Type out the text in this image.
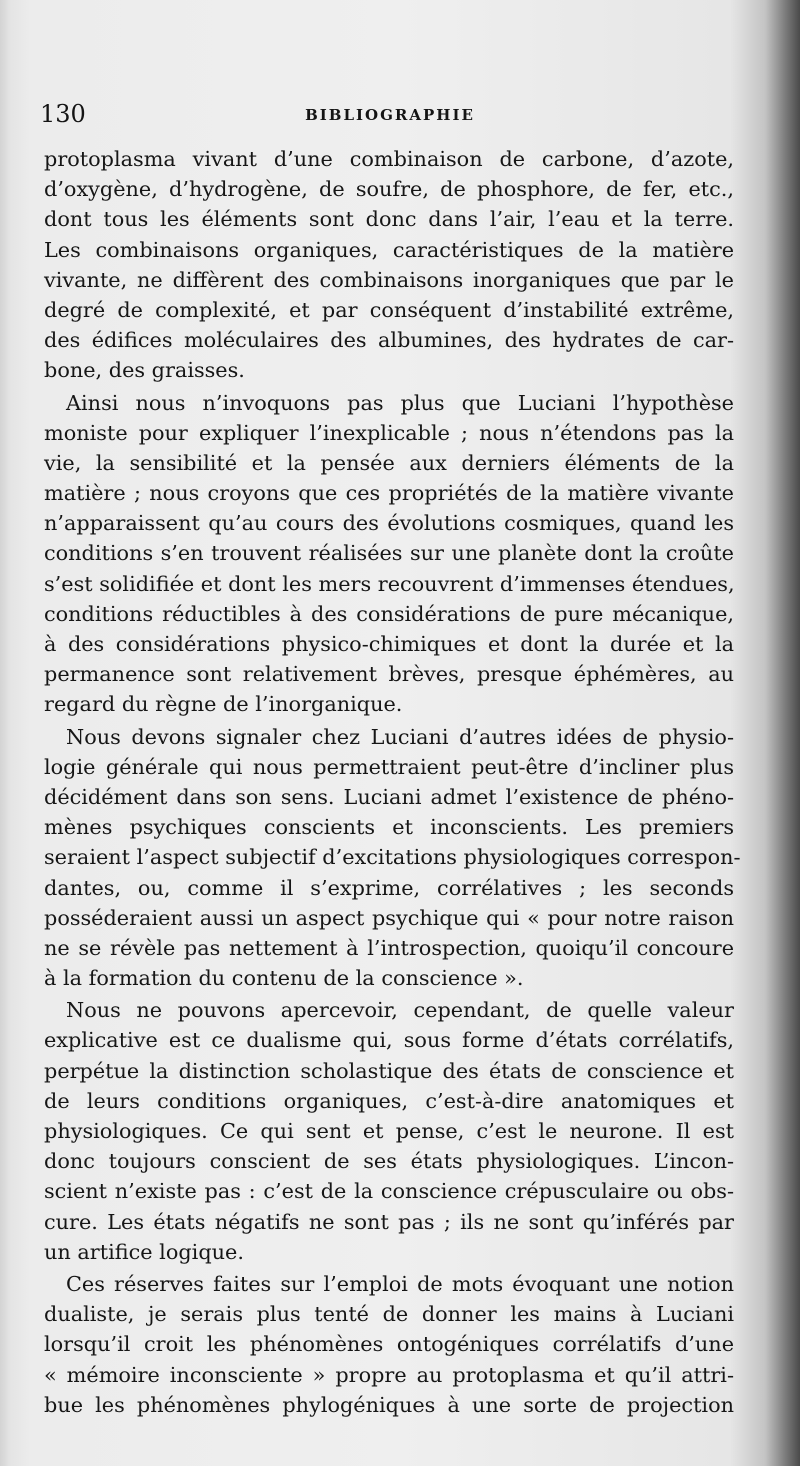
130	BIBLIOGRAPHIE
protoplasma vivant d’une combinaison de carbone, d’azote,
d’oxygène, d’hydrogène, de soufre, de phosphore, de fer, etc.,
dont tous les éléments sont donc dans l’air, l’eau et la terre.
Les combinaisons organiques, caractéristiques de la matière
vivante, ne diffèrent des combinaisons inorganiques que par le
degré de complexité, et par conséquent d’instabilité extrême,
des édifices moléculaires des albumines, des hydrates de car-
bone, des graisses.
Ainsi nous n’invoquons pas plus que Luciani l’hypothèse
moniste pour expliquer l’inexplicable ; nous n’étendons pas la
vie, la sensibilité et la pensée aux derniers éléments de la
matière ; nous croyons que ces propriétés de la matière vivante
n’apparaissent qu’au cours des évolutions cosmiques, quand les
conditions s’en trouvent réalisées sur une planète dont la croûte
s’est solidifiée et dont les mers recouvrent d’immenses étendues,
conditions réductibles à des considérations de pure mécanique,
à des considérations physico-chimiques et dont la durée et la
permanence sont relativement brèves, presque éphémères, au
regard du règne de l’inorganique.
Nous devons signaler chez Luciani d’autres idées de physio-
logie générale qui nous permettraient peut-être d’incliner plus
décidément dans son sens. Luciani admet l’existence de phéno-
mènes psychiques conscients et inconscients. Les premiers
seraient l’aspect subjectif d’excitations physiologiques correspon-
dantes, ou, comme il s’exprime, corrélatives ; les seconds
posséderaient aussi un aspect psychique qui « pour notre raison
ne se révèle pas nettement à l’introspection, quoiqu’il concoure
à la formation du contenu de la conscience ».
Nous ne pouvons apercevoir, cependant, de quelle valeur
explicative est ce dualisme qui, sous forme d’états corrélatifs,
perpétue la distinction scholastique des états de conscience et
de leurs conditions organiques, c’est-à-dire anatomiques et
physiologiques. Ce qui sent et pense, c’est le neurone. Il est
donc toujours conscient de ses états physiologiques. L’incon-
scient n’existe pas : c’est de la conscience crépusculaire ou obs-
cure. Les états négatifs ne sont pas ; ils ne sont qu’inférés par
un artifice logique.
Ces réserves faites sur l’emploi de mots évoquant une notion
dualiste, je serais plus tenté de donner les mains à Luciani
lorsqu’il croit les phénomènes ontogéniques corrélatifs d’une
« mémoire inconsciente » propre au protoplasma et qu’il attri-
bue les phénomènes phylogéniques à une sorte de projection
